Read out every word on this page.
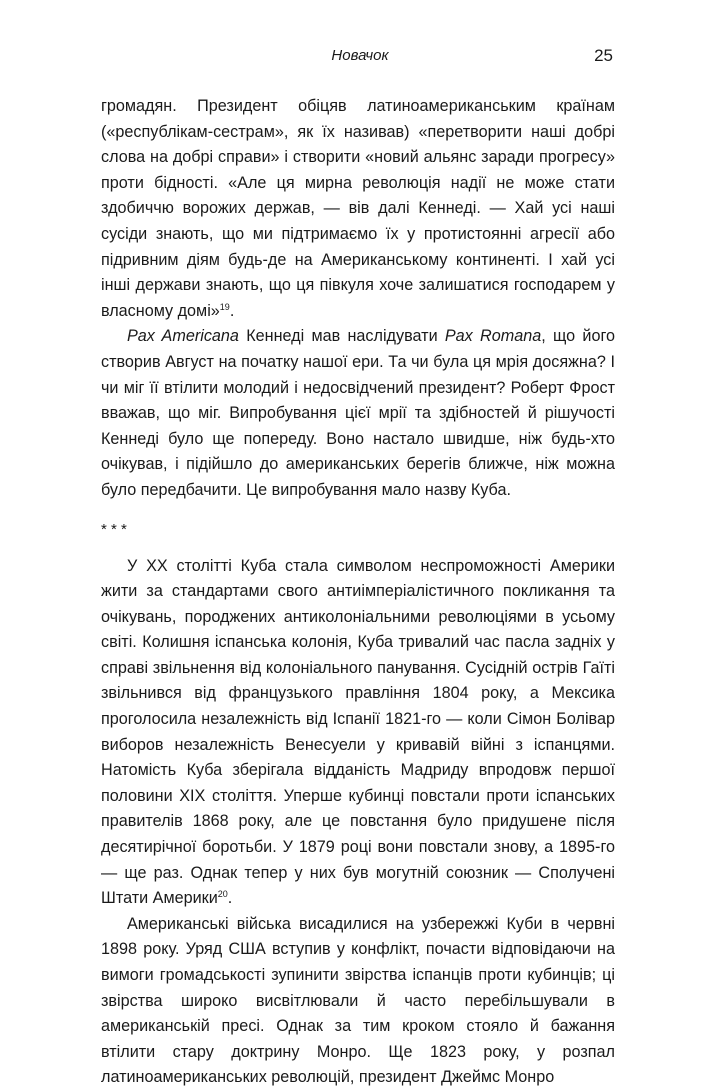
Новачок	25

громадян. Президент обіцяв латиноамериканським країнам («республікам-сестрам», як їх називав) «перетворити наші добрі слова на добрі справи» і створити «новий альянс заради прогресу» проти бідності. «Але ця мирна революція надії не може стати здобиччю ворожих держав, — вів далі Кеннеді. — Хай усі наші сусіди знають, що ми підтримаємо їх у протистоянні агресії або підривним діям будь-де на Американському континенті. І хай усі інші держави знають, що ця півкуля хоче залишатися господарем у власному домі»$^{19}$.

Pax Americana Кеннеді мав наслідувати Pax Romana, що його створив Август на початку нашої ери. Та чи була ця мрія досяжна? І чи міг її втілити молодий і недосвідчений президент? Роберт Фрост вважав, що міг. Випробування цієї мрії та здібностей й рішучості Кеннеді було ще попереду. Воно настало швидше, ніж будь-хто очікував, і підійшло до американських берегів ближче, ніж можна було передбачити. Це випробування мало назву Куба.

* * *

У XX столітті Куба стала символом неспроможності Америки жити за стандартами свого антиімперіалістичного покликання та очікувань, породжених антиколоніальними революціями в усьому світі. Колишня іспанська колонія, Куба тривалий час пасла задніх у справі звільнення від колоніального панування. Сусідній острів Гаїті звільнився від французького правління 1804 року, а Мексика проголосила незалежність від Іспанії 1821-го — коли Сімон Болівар виборов незалежність Венесуели у кривавій війні з іспанцями. Натомість Куба зберігала відданість Мадриду впродовж першої половини XIX століття. Уперше кубинці повстали проти іспанських правителів 1868 року, але це повстання було придушене після десятирічної боротьби. У 1879 році вони повстали знову, а 1895-го — ще раз. Однак тепер у них був могутній союзник — Сполучені Штати Америки$^{20}$.

Американські війська висадилися на узбережжі Куби в червні 1898 року. Уряд США вступив у конфлікт, почасти відповідаючи на вимоги громадськості зупинити звірства іспанців проти кубинців; ці звірства широко висвітлювали й часто перебільшували в американській пресі. Однак за тим кроком стояло й бажання втілити стару доктрину Монро. Ще 1823 року, у розпал латиноамериканських революцій, президент Джеймс Монро
